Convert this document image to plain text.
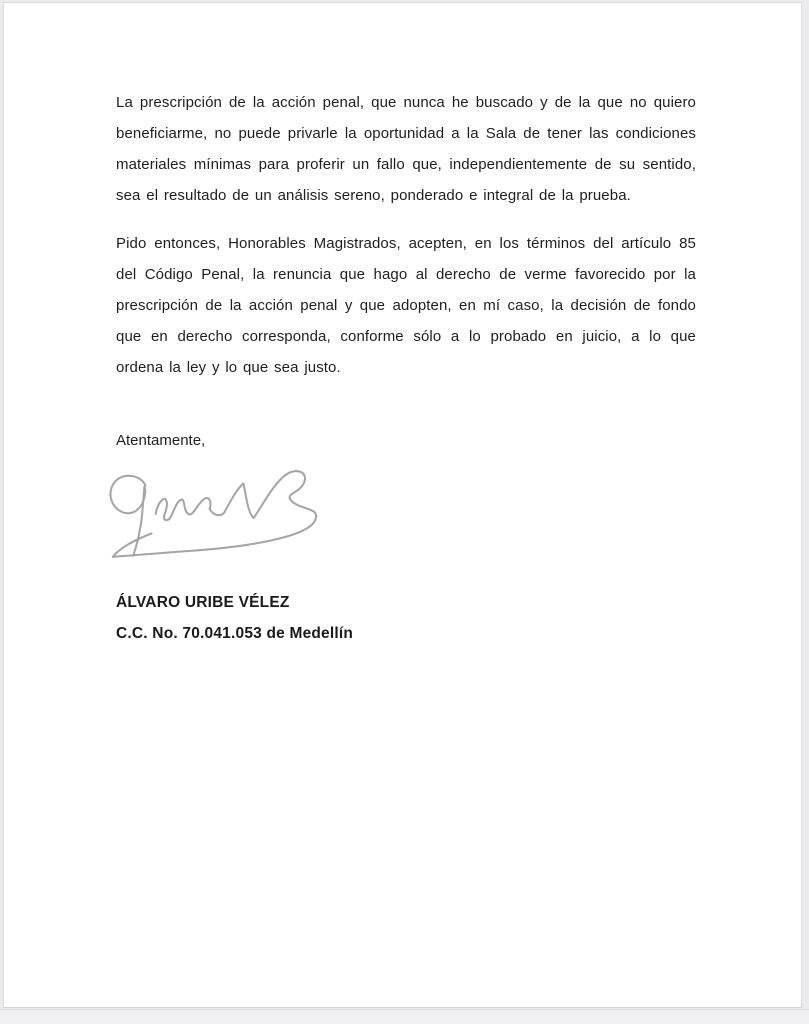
La prescripción de la acción penal, que nunca he buscado y de la que no quiero beneficiarme, no puede privarle la oportunidad a la Sala de tener las condiciones materiales mínimas para proferir un fallo que, independientemente de su sentido, sea el resultado de un análisis sereno, ponderado e integral de la prueba.

Pido entonces, Honorables Magistrados, acepten, en los términos del artículo 85 del Código Penal, la renuncia que hago al derecho de verme favorecido por la prescripción de la acción penal y que adopten, en mí caso, la decisión de fondo que en derecho corresponda, conforme sólo a lo probado en juicio, a lo que ordena la ley y lo que sea justo.

Atentamente,

ÁLVARO URIBE VÉLEZ
C.C. No. 70.041.053 de Medellín
